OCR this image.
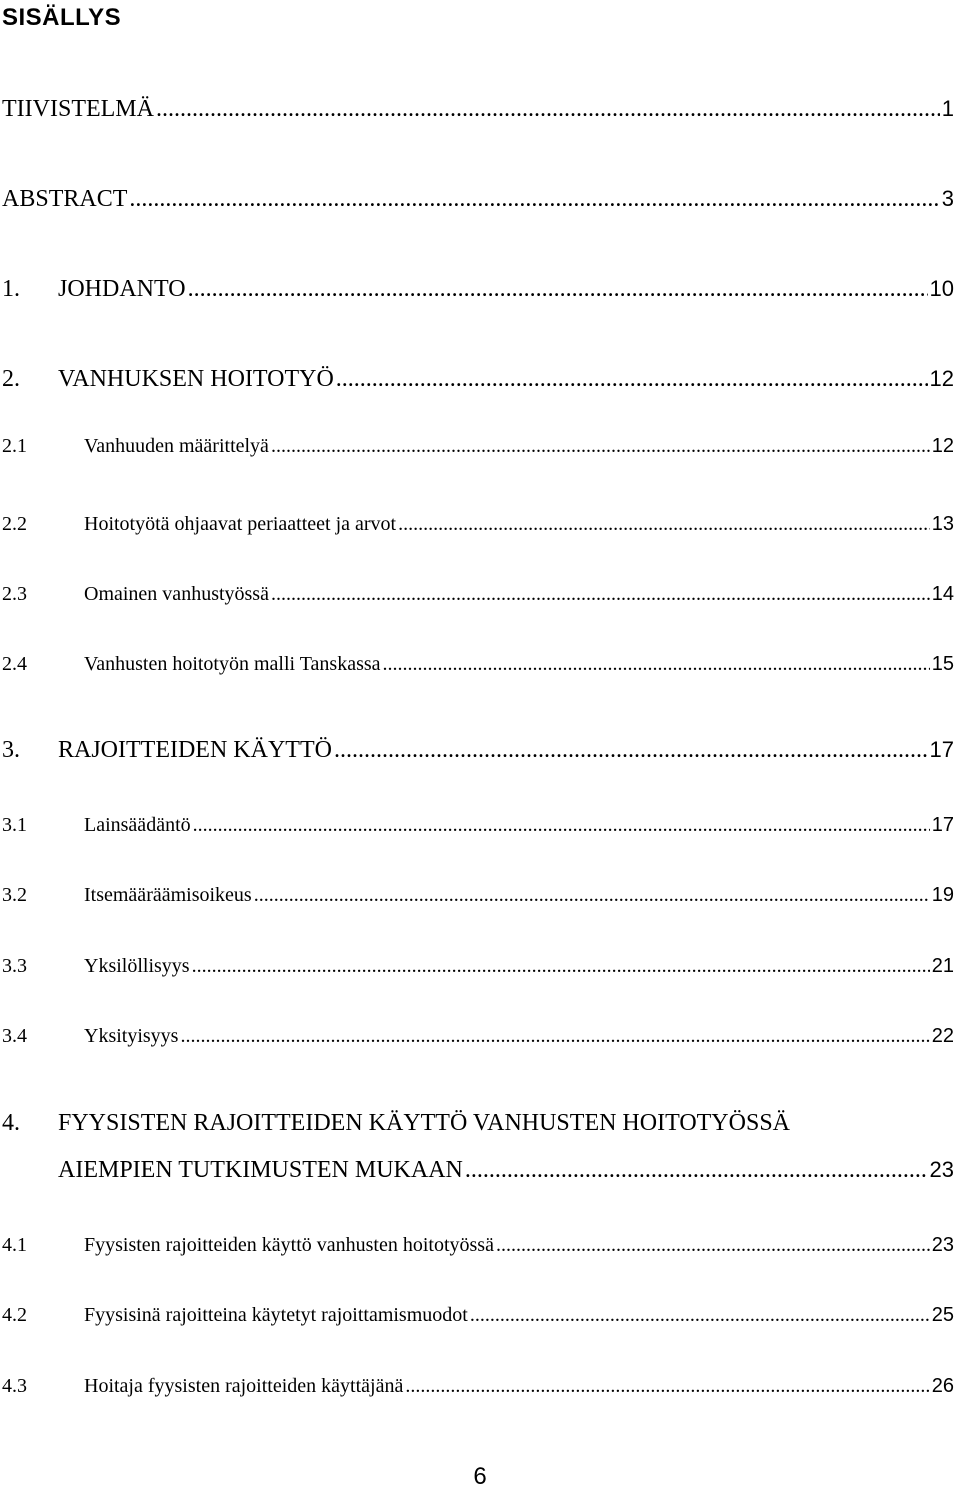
SISÄLLYS
TIIVISTELMÄ .....	1
ABSTRACT .....	3
1.	JOHDANTO .....	10
2.	VANHUKSEN HOITOTYÖ .....	12
2.1	Vanhuuden määrittelyä .....	12
2.2	Hoitotyötä ohjaavat periaatteet ja arvot .....	13
2.3	Omainen vanhustyössä .....	14
2.4	Vanhusten hoitotyön malli Tanskassa .....	15
3.	RAJOITTEIDEN KÄYTTÖ .....	17
3.1	Lainsäädäntö .....	17
3.2	Itsemääräämisoikeus .....	19
3.3	Yksilöllisyys .....	21
3.4	Yksityisyys .....	22
4. FYYSISTEN RAJOITTEIDEN KÄYTTÖ VANHUSTEN HOITOTYÖSSÄ
AIEMPIEN TUTKIMUSTEN MUKAAN .....	23
4.1	Fyysisten rajoitteiden käyttö vanhusten hoitotyössä .....	23
4.2	Fyysisinä rajoitteina käytetyt rajoittamismuodot .....	25
4.3	Hoitaja fyysisten rajoitteiden käyttäjänä .....	26
6
